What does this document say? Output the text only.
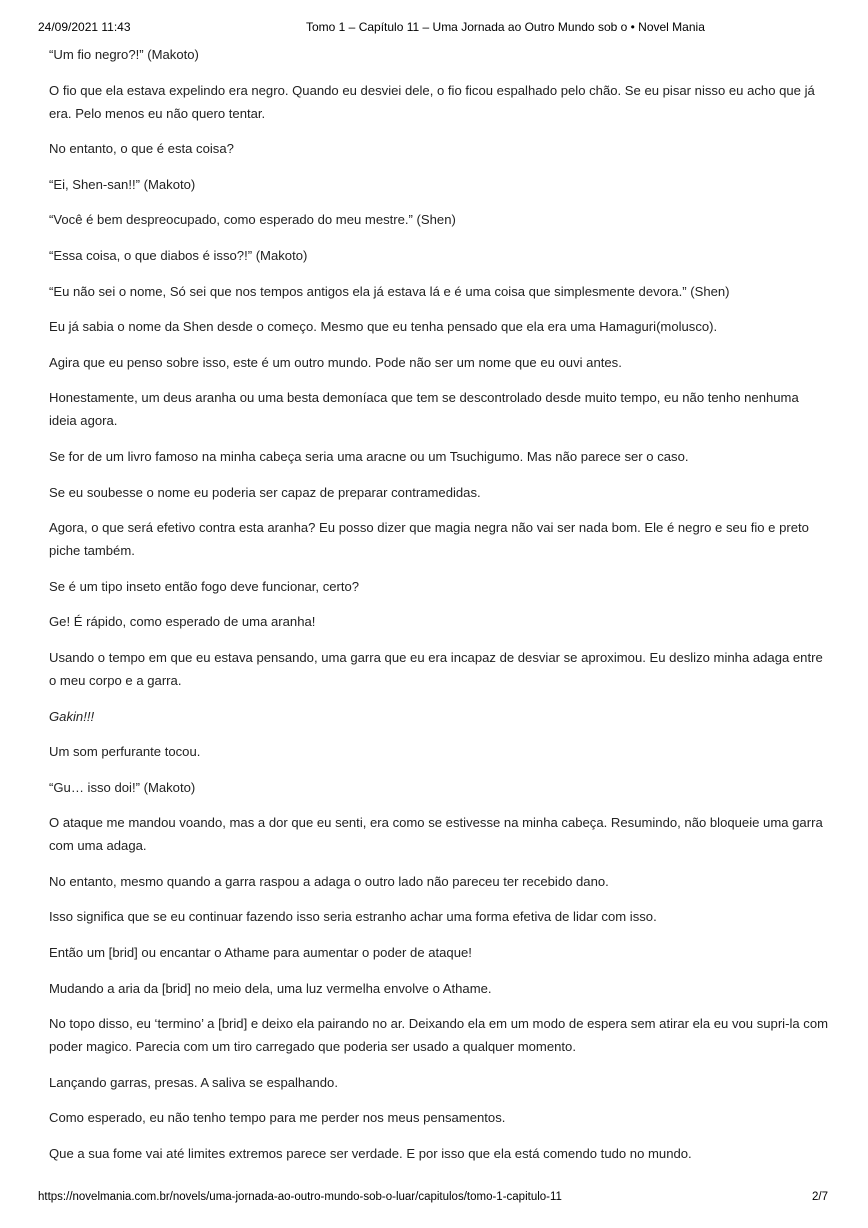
24/09/2021 11:43	Tomo 1 – Capítulo 11 – Uma Jornada ao Outro Mundo sob o • Novel Mania

“Um fio negro?!” (Makoto)

O fio que ela estava expelindo era negro. Quando eu desviei dele, o fio ficou espalhado pelo chão. Se eu pisar nisso eu acho que já era. Pelo menos eu não quero tentar.

No entanto, o que é esta coisa?

“Ei, Shen-san!!” (Makoto)

“Você é bem despreocupado, como esperado do meu mestre.” (Shen)

“Essa coisa, o que diabos é isso?!” (Makoto)

“Eu não sei o nome, Só sei que nos tempos antigos ela já estava lá e é uma coisa que simplesmente devora.” (Shen)

Eu já sabia o nome da Shen desde o começo. Mesmo que eu tenha pensado que ela era uma Hamaguri(molusco).

Agira que eu penso sobre isso, este é um outro mundo. Pode não ser um nome que eu ouvi antes.

Honestamente, um deus aranha ou uma besta demoníaca que tem se descontrolado desde muito tempo, eu não tenho nenhuma ideia agora.

Se for de um livro famoso na minha cabeça seria uma aracne ou um Tsuchigumo. Mas não parece ser o caso.

Se eu soubesse o nome eu poderia ser capaz de preparar contramedidas.

Agora, o que será efetivo contra esta aranha? Eu posso dizer que magia negra não vai ser nada bom. Ele é negro e seu fio e preto piche também.

Se é um tipo inseto então fogo deve funcionar, certo?

Ge! É rápido, como esperado de uma aranha!

Usando o tempo em que eu estava pensando, uma garra que eu era incapaz de desviar se aproximou. Eu deslizo minha adaga entre o meu corpo e a garra.

Gakin!!!

Um som perfurante tocou.

“Gu… isso doi!” (Makoto)

O ataque me mandou voando, mas a dor que eu senti, era como se estivesse na minha cabeça. Resumindo, não bloqueie uma garra com uma adaga.

No entanto, mesmo quando a garra raspou a adaga o outro lado não pareceu ter recebido dano.

Isso significa que se eu continuar fazendo isso seria estranho achar uma forma efetiva de lidar com isso.

Então um [brid] ou encantar o Athame para aumentar o poder de ataque!

Mudando a aria da [brid] no meio dela, uma luz vermelha envolve o Athame.

No topo disso, eu ‘termino’ a [brid] e deixo ela pairando no ar. Deixando ela em um modo de espera sem atirar ela eu vou supri-la com poder magico. Parecia com um tiro carregado que poderia ser usado a qualquer momento.

Lançando garras, presas. A saliva se espalhando.

Como esperado, eu não tenho tempo para me perder nos meus pensamentos.

Que a sua fome vai até limites extremos parece ser verdade. E por isso que ela está comendo tudo no mundo.

https://novelmania.com.br/novels/uma-jornada-ao-outro-mundo-sob-o-luar/capitulos/tomo-1-capitulo-11	2/7
